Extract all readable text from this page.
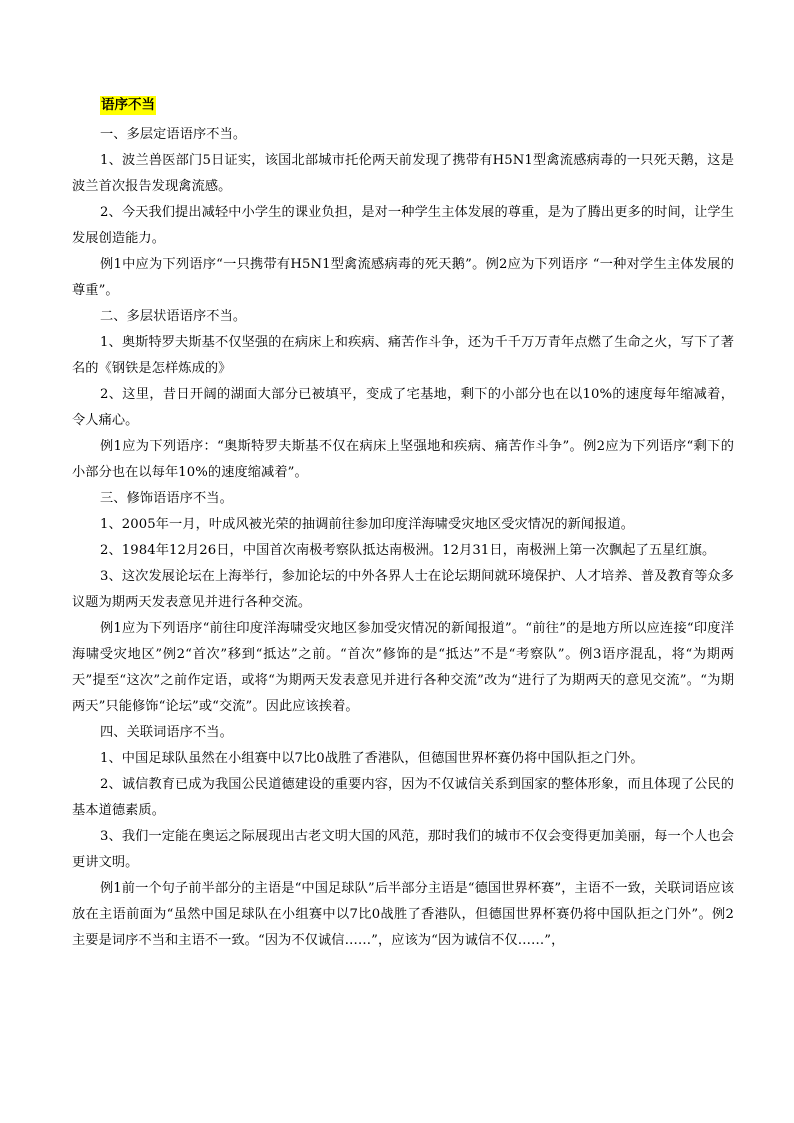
语序不当

一、多层定语语序不当。

1、波兰兽医部门5日证实，该国北部城市托伦两天前发现了携带有H5N1型禽流感病毒的一只死天鹅，这是波兰首次报告发现禽流感。

2、今天我们提出减轻中小学生的课业负担，是对一种学生主体发展的尊重，是为了腾出更多的时间，让学生发展创造能力。

例1中应为下列语序“一只携带有H5N1型禽流感病毒的死天鹅”。例2应为下列语序 “一种对学生主体发展的尊重”。

二、多层状语语序不当。

1、奥斯特罗夫斯基不仅坚强的在病床上和疾病、痛苦作斗争，还为千千万万青年点燃了生命之火，写下了著名的《钢铁是怎样炼成的》

2、这里，昔日开阔的湖面大部分已被填平，变成了宅基地，剩下的小部分也在以10%的速度每年缩减着，令人痛心。

例1应为下列语序：“奥斯特罗夫斯基不仅在病床上坚强地和疾病、痛苦作斗争”。例2应为下列语序“剩下的小部分也在以每年10%的速度缩减着”。

三、修饰语语序不当。

1、2005年一月，叶成风被光荣的抽调前往参加印度洋海啸受灾地区受灾情况的新闻报道。

2、1984年12月26日，中国首次南极考察队抵达南极洲。12月31日，南极洲上第一次飘起了五星红旗。

3、这次发展论坛在上海举行，参加论坛的中外各界人士在论坛期间就环境保护、人才培养、普及教育等众多议题为期两天发表意见并进行各种交流。

例1应为下列语序“前往印度洋海啸受灾地区参加受灾情况的新闻报道”。“前往”的是地方所以应连接“印度洋海啸受灾地区”例2“首次”移到“抵达”之前。“首次”修饰的是“抵达”不是“考察队”。例3语序混乱，将“为期两天”提至“这次”之前作定语，或将“为期两天发表意见并进行各种交流”改为“进行了为期两天的意见交流”。“为期两天”只能修饰“论坛”或“交流”。因此应该挨着。

四、关联词语序不当。

1、中国足球队虽然在小组赛中以7比0战胜了香港队，但德国世界杯赛仍将中国队拒之门外。

2、诚信教育已成为我国公民道德建设的重要内容，因为不仅诚信关系到国家的整体形象，而且体现了公民的基本道德素质。

3、我们一定能在奥运之际展现出古老文明大国的风范，那时我们的城市不仅会变得更加美丽，每一个人也会更讲文明。

例1前一个句子前半部分的主语是“中国足球队”后半部分主语是“德国世界杯赛”，主语不一致，关联词语应该放在主语前面为“虽然中国足球队在小组赛中以7比0战胜了香港队，但德国世界杯赛仍将中国队拒之门外”。例2主要是词序不当和主语不一致。“因为不仅诚信……”，应该为“因为诚信不仅……”，
